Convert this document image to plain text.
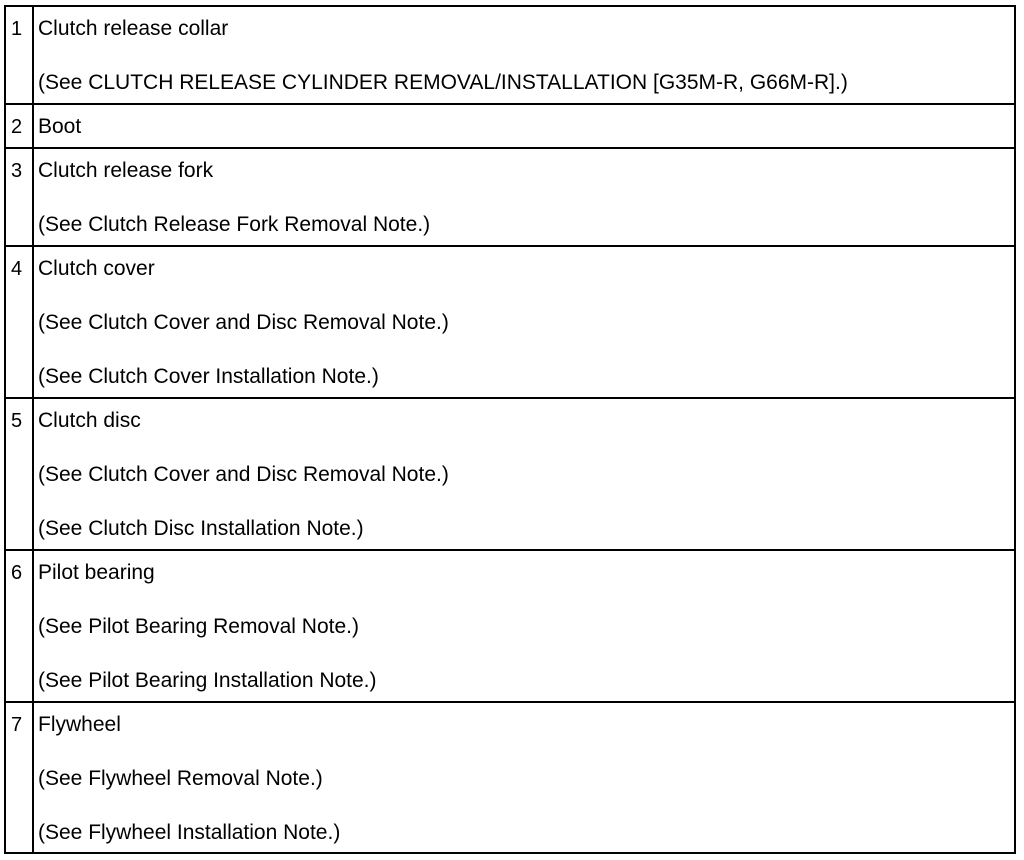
1 Clutch release collar
(See CLUTCH RELEASE CYLINDER REMOVAL/INSTALLATION [G35M-R, G66M-R].)
2 Boot
3 Clutch release fork
(See Clutch Release Fork Removal Note.)
4 Clutch cover
(See Clutch Cover and Disc Removal Note.)
(See Clutch Cover Installation Note.)
5 Clutch disc
(See Clutch Cover and Disc Removal Note.)
(See Clutch Disc Installation Note.)
6 Pilot bearing
(See Pilot Bearing Removal Note.)
(See Pilot Bearing Installation Note.)
7 Flywheel
(See Flywheel Removal Note.)
(See Flywheel Installation Note.)
